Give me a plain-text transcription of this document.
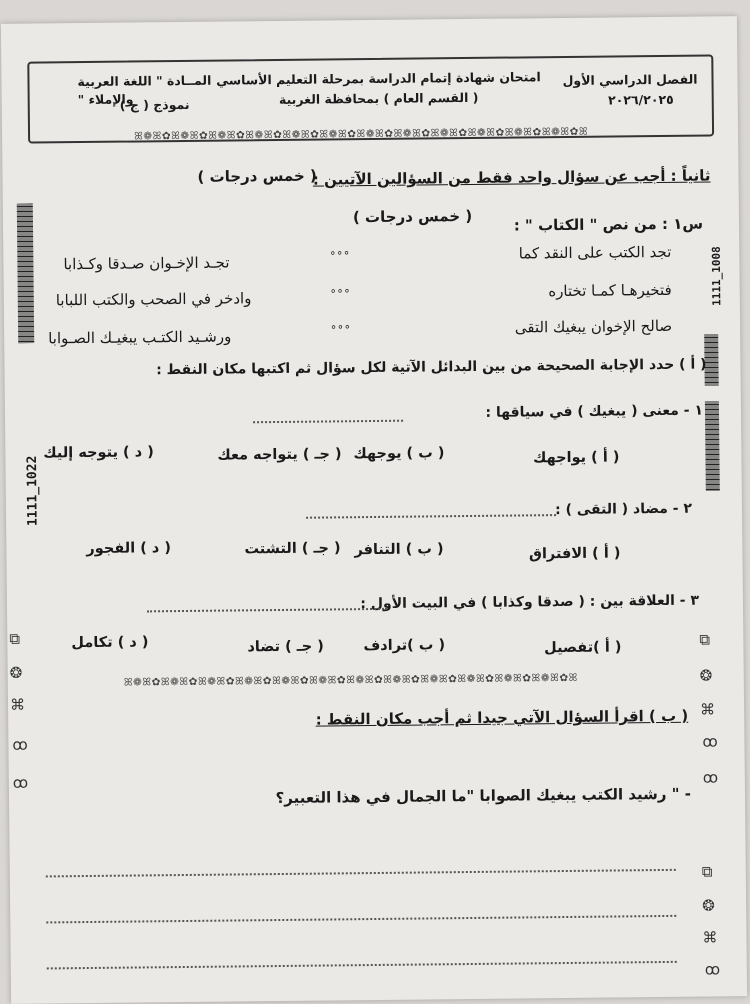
الفصل الدراسي الأول
٢٠٢٦/٢٠٢٥
امتحان شهادة إتمام الدراسة بمرحلة التعليم الأساسي
( القسم العام ) بمحافظة الغربية
المــادة " اللغة العربية والإملاء "
نموذج ( ج )
ꕤ❁ꕤ✿ꕤ❁ꕤ✿ꕤ❁ꕤ✿ꕤ❁ꕤ✿ꕤ❁ꕤ✿ꕤ❁ꕤ✿ꕤ❁ꕤ✿ꕤ❁ꕤ✿ꕤ❁ꕤ✿ꕤ❁ꕤ✿ꕤ❁ꕤ✿ꕤ❁ꕤ✿ꕤ
ثانياً : أجب عن سؤال واحد فقط من السؤالين الآتيين :
( خمس درجات )
1111_1022
1111_1008
س١ : من نص " الكتاب " :
( خمس درجات )
تجد الكتب على النقد كما
∘∘∘
تجـد الإخـوان صـدقا وكـذابا
فتخيرهـا كمـا تختاره
∘∘∘
وادخر في الصحب والكتب اللبابا
صالح الإخوان يبغيك التقى
∘∘∘
ورشـيد الكتـب يبغيـك الصـوابا
( أ ) حدد الإجابة الصحيحة من بين البدائل الآتية لكل سؤال ثم اكتبها مكان النقط :
١ - معنى ( يبغيك ) في سياقها :
( أ ) يواجهك
( ب ) يوجهك
( جـ ) يتواجه معك
( د ) يتوجه إليك
٢ - مضاد ( التقى ) :
( أ ) الافتراق
( ب ) التنافر
( جـ ) التشتت
( د ) الفجور
٣ - العلاقة بين : ( صدقا وكذابا ) في البيت الأول :
( أ )تفصيل
( ب )ترادف
( جـ ) تضاد
( د ) تكامل
ꕤ❁ꕤ✿ꕤ❁ꕤ✿ꕤ❁ꕤ✿ꕤ❁ꕤ✿ꕤ❁ꕤ✿ꕤ❁ꕤ✿ꕤ❁ꕤ✿ꕤ❁ꕤ✿ꕤ❁ꕤ✿ꕤ❁ꕤ✿ꕤ❁ꕤ✿ꕤ❁ꕤ✿ꕤ
( ب ) اقرأ السؤال الآتي جيدا ثم أجب مكان النقط :
- " رشيد الكتب يبغيك الصوابا "ما الجمال في هذا التعبير؟
⧉
❂
⌘
ꝏ
ꝏ
⧉
❂
⌘
ꝏ
ꝏ
⧉
❂
⌘
ꝏ
